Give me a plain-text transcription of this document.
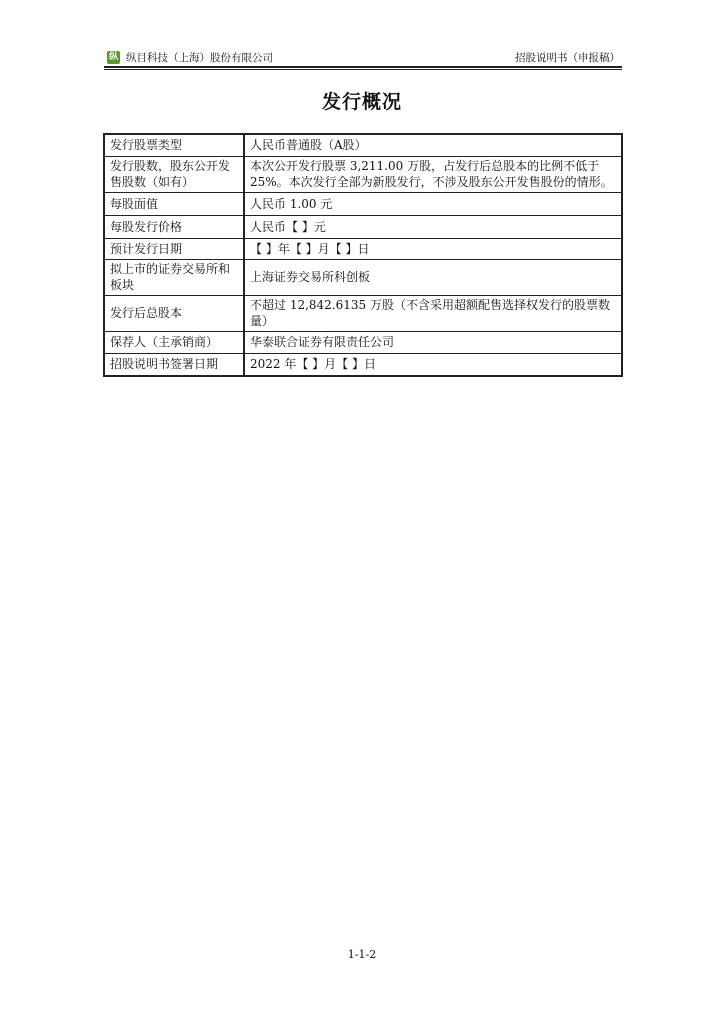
纵 纵目科技（上海）股份有限公司	招股说明书（申报稿）
发行概况
发行股票类型	人民币普通股（A股）
发行股数，股东公开发售股数（如有）	本次公开发行股票 3,211.00 万股，占发行后总股本的比例不低于 25%。本次发行全部为新股发行，不涉及股东公开发售股份的情形。
每股面值	人民币 1.00 元
每股发行价格	人民币【 】元
预计发行日期	【 】年【 】月【 】日
拟上市的证券交易所和板块	上海证券交易所科创板
发行后总股本	不超过 12,842.6135 万股（不含采用超额配售选择权发行的股票数量）
保荐人（主承销商）	华泰联合证券有限责任公司
招股说明书签署日期	2022 年【 】月【 】日
1-1-2
